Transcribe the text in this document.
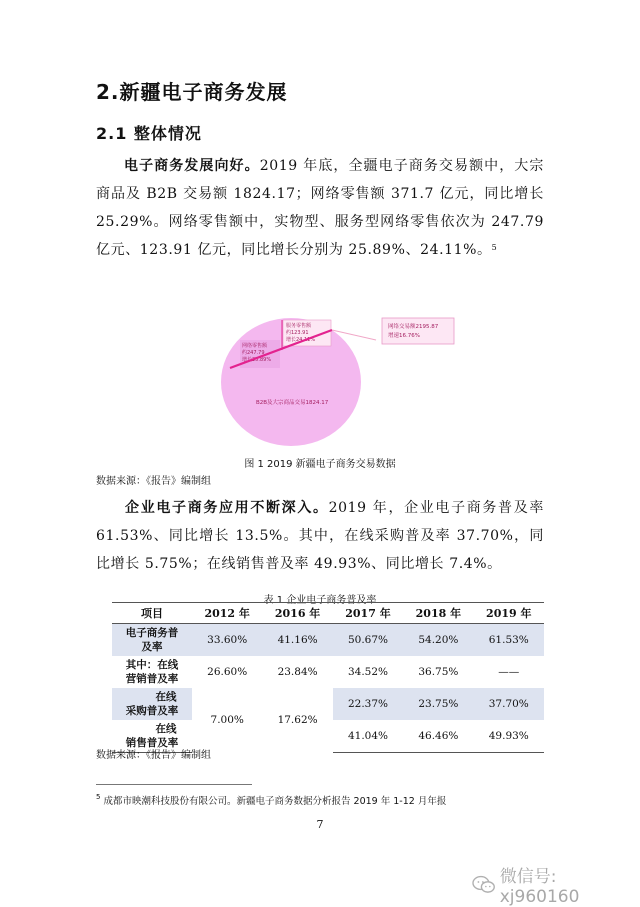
2.新疆电子商务发展
2.1 整体情况
电子商务发展向好。2019 年底，全疆电子商务交易额中，大宗商品及 B2B 交易额 1824.17；网络零售额 371.7 亿元，同比增长 25.29%。网络零售额中，实物型、服务型网络零售依次为 247.79 亿元、123.91 亿元，同比增长分别为 25.89%、24.11%。$^5$
网络零售额
约247.79
增长25.89%
服务零售额
约123.91
增长24.11%
B2B及大宗商品交易1824.17
网络交易额2195.87
增速16.76%
图 1 2019 新疆电子商务交易数据
数据来源：《报告》编制组
企业电子商务应用不断深入。2019 年，企业电子商务普及率 61.53%、同比增长 13.5%。其中，在线采购普及率 37.70%，同比增长 5.75%；在线销售普及率 49.93%、同比增长 7.4%。
表 1 企业电子商务普及率
项目	2012 年	2016 年	2017 年	2018 年	2019 年
电子商务普
及率	33.60%	41.16%	50.67%	54.20%	61.53%
其中：在线
营销普及率	26.60%	23.84%	34.52%	36.75%	——
在线
采购普及率	7.00%	17.62%	22.37%	23.75%	37.70%
在线
销售普及率			41.04%	46.46%	49.93%
数据来源：《报告》编制组
$^5$ 成都市映潮科技股份有限公司。新疆电子商务数据分析报告 2019 年 1-12 月年报
7
微信号: xj960160
